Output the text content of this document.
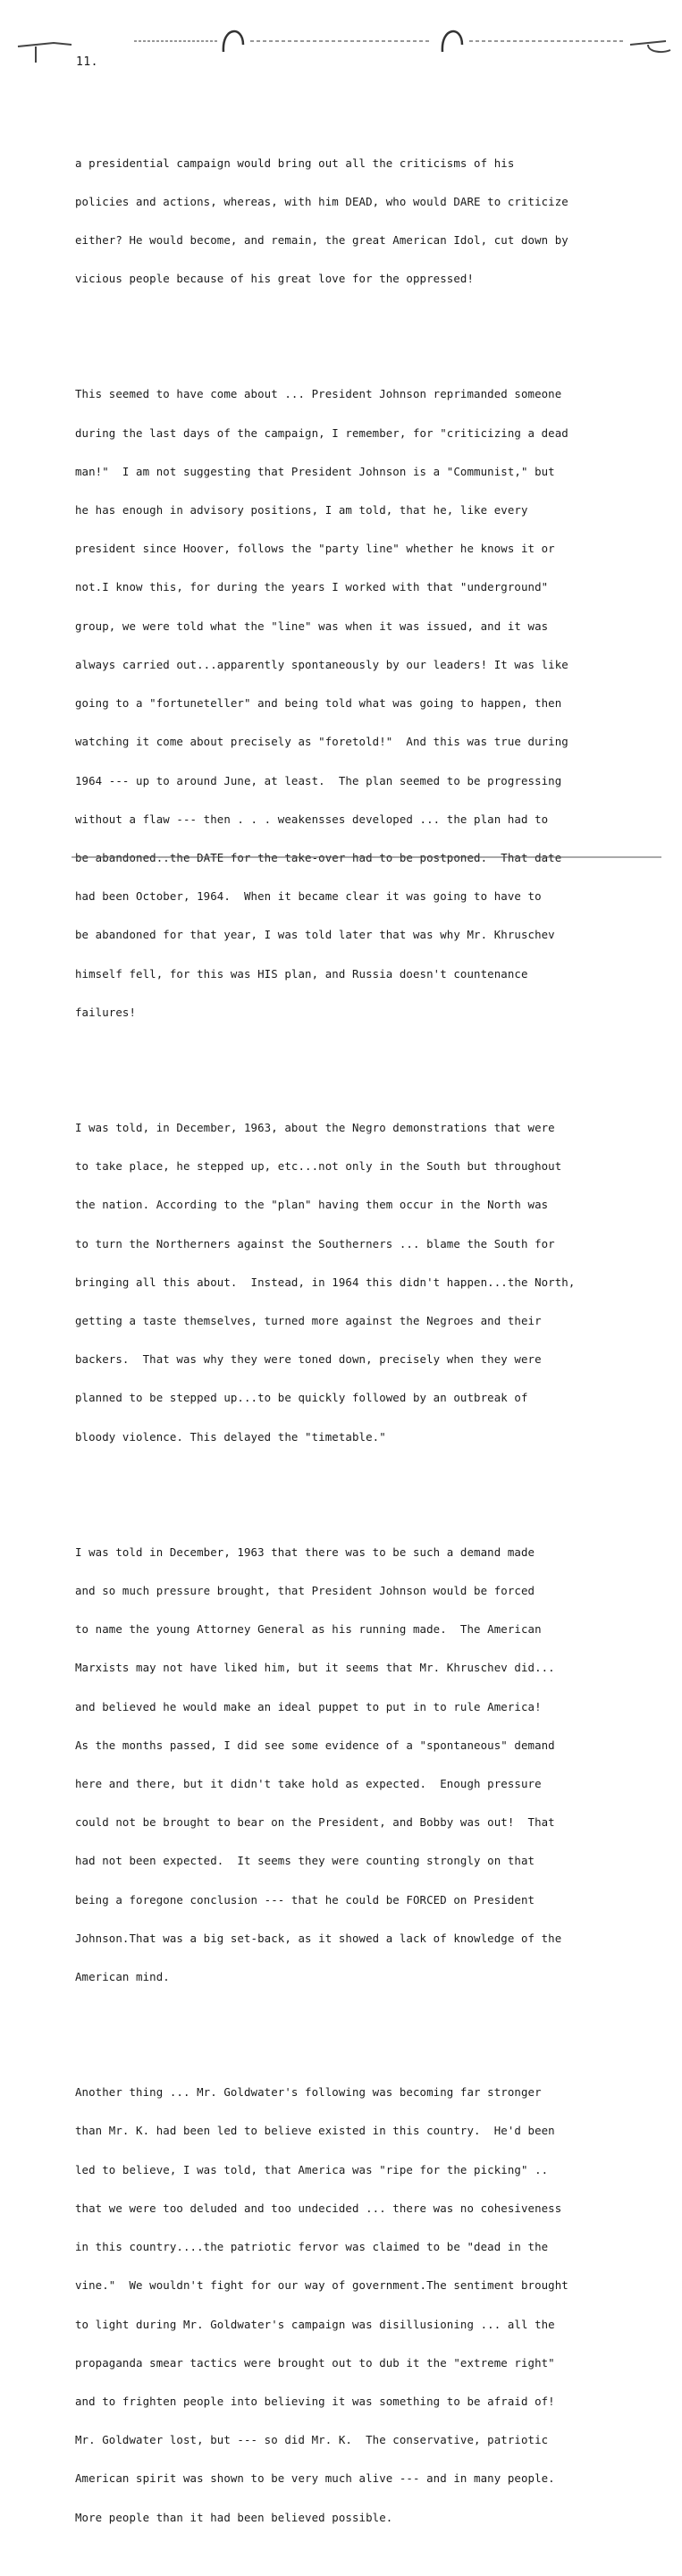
11.

a presidential campaign would bring out all the criticisms of his

policies and actions, whereas, with him DEAD, who would DARE to criticize

either? He would become, and remain, the great American Idol, cut down by

vicious people because of his great love for the oppressed!

This seemed to have come about ... President Johnson reprimanded someone

during the last days of the campaign, I remember, for "criticizing a dead

man!"  I am not suggesting that President Johnson is a "Communist," but

he has enough in advisory positions, I am told, that he, like every

president since Hoover, follows the "party line" whether he knows it or

not.I know this, for during the years I worked with that "underground"

group, we were told what the "line" was when it was issued, and it was

always carried out...apparently spontaneously by our leaders! It was like

going to a "fortuneteller" and being told what was going to happen, then

watching it come about precisely as "foretold!"  And this was true during

1964 --- up to around June, at least.  The plan seemed to be progressing

without a flaw --- then . . . weakensses developed ... the plan had to

had been October, 1964.  When it became clear it was going to have to

be abandoned for that year, I was told later that was why Mr. Khruschev

himself fell, for this was HIS plan, and Russia doesn't countenance

failures!

I was told, in December, 1963, about the Negro demonstrations that were

to take place, he stepped up, etc...not only in the South but throughout

the nation. According to the "plan" having them occur in the North was

to turn the Northerners against the Southerners ... blame the South for

bringing all this about.  Instead, in 1964 this didn't happen...the North,

getting a taste themselves, turned more against the Negroes and their

backers.  That was why they were toned down, precisely when they were

planned to be stepped up...to be quickly followed by an outbreak of

bloody violence. This delayed the "timetable."

I was told in December, 1963 that there was to be such a demand made

and so much pressure brought, that President Johnson would be forced

to name the young Attorney General as his running made.  The American

Marxists may not have liked him, but it seems that Mr. Khruschev did...

and believed he would make an ideal puppet to put in to rule America!

As the months passed, I did see some evidence of a "spontaneous" demand

here and there, but it didn't take hold as expected.  Enough pressure

could not be brought to bear on the President, and Bobby was out!  That

had not been expected.  It seems they were counting strongly on that

being a foregone conclusion --- that he could be FORCED on President

Johnson.That was a big set-back, as it showed a lack of knowledge of the

American mind.

Another thing ... Mr. Goldwater's following was becoming far stronger

than Mr. K. had been led to believe existed in this country.  He'd been

led to believe, I was told, that America was "ripe for the picking" ..

that we were too deluded and too undecided ... there was no cohesiveness

in this country....the patriotic fervor was claimed to be "dead in the

vine."  We wouldn't fight for our way of government.The sentiment brought

to light during Mr. Goldwater's campaign was disillusioning ... all the

propaganda smear tactics were brought out to dub it the "extreme right"

and to frighten people into believing it was something to be afraid of!

Mr. Goldwater lost, but --- so did Mr. K.  The conservative, patriotic

American spirit was shown to be very much alive --- and in many people.

More people than it had been believed possible.
